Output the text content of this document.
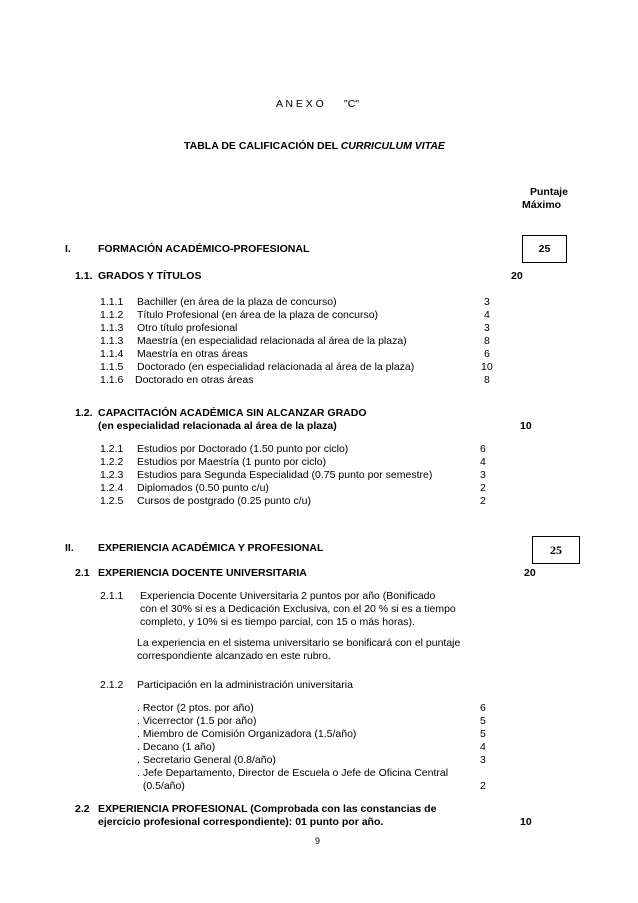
A N E X O "C"
TABLA DE CALIFICACIÓN DEL CURRICULUM VITAE
Puntaje
Máximo
I.	FORMACIÓN ACADÉMICO-PROFESIONAL	25
1.1. GRADOS Y TÍTULOS	20
1.1.1 Bachiller (en área de la plaza de concurso)	3
1.1.2 Título Profesional (en área de la plaza de concurso)	4
1.1.3 Otro título profesional	3
1.1.3 Maestría (en especialidad relacionada al área de la plaza)	8
1.1.4 Maestría en otras áreas	6
1.1.5 Doctorado (en especialidad relacionada al área de la plaza)	10
1.1.6 Doctorado en otras áreas	8
1.2. CAPACITACIÓN ACADÉMICA SIN ALCANZAR GRADO
(en especialidad relacionada al área de la plaza)	10
1.2.1 Estudios por Doctorado (1.50 punto por ciclo)	6
1.2.2 Estudios por Maestría (1 punto por ciclo)	4
1.2.3 Estudios para Segunda Especialidad (0.75 punto por semestre)	3
1.2.4 Diplomados (0.50 punto c/u)	2
1.2.5 Cursos de postgrado (0.25 punto c/u)	2
II. EXPERIENCIA ACADÉMICA Y PROFESIONAL	25
2.1 EXPERIENCIA DOCENTE UNIVERSITARIA	20
2.1.1 Experiencia Docente Universitaria 2 puntos por año (Bonificado
con el 30% si es a Dedicación Exclusiva, con el 20 % si es a tiempo
completo, y 10% si es tiempo parcial, con 15 o más horas).
La experiencia en el sistema universitario se bonificará con el puntaje
correspondiente alcanzado en este rubro.
2.1.2 Participación en la administración universitaria
. Rector (2 ptos. por año)	6
. Vicerrector (1.5 por año)	5
. Miembro de Comisión Organizadora (1.5/año)	5
. Decano (1 año)	4
. Secretario General (0.8/año)	3
. Jefe Departamento, Director de Escuela o Jefe de Oficina Central
(0.5/año)	2
2.2 EXPERIENCIA PROFESIONAL (Comprobada con las constancias de
ejercicio profesional correspondiente): 01 punto por año.	10
9
